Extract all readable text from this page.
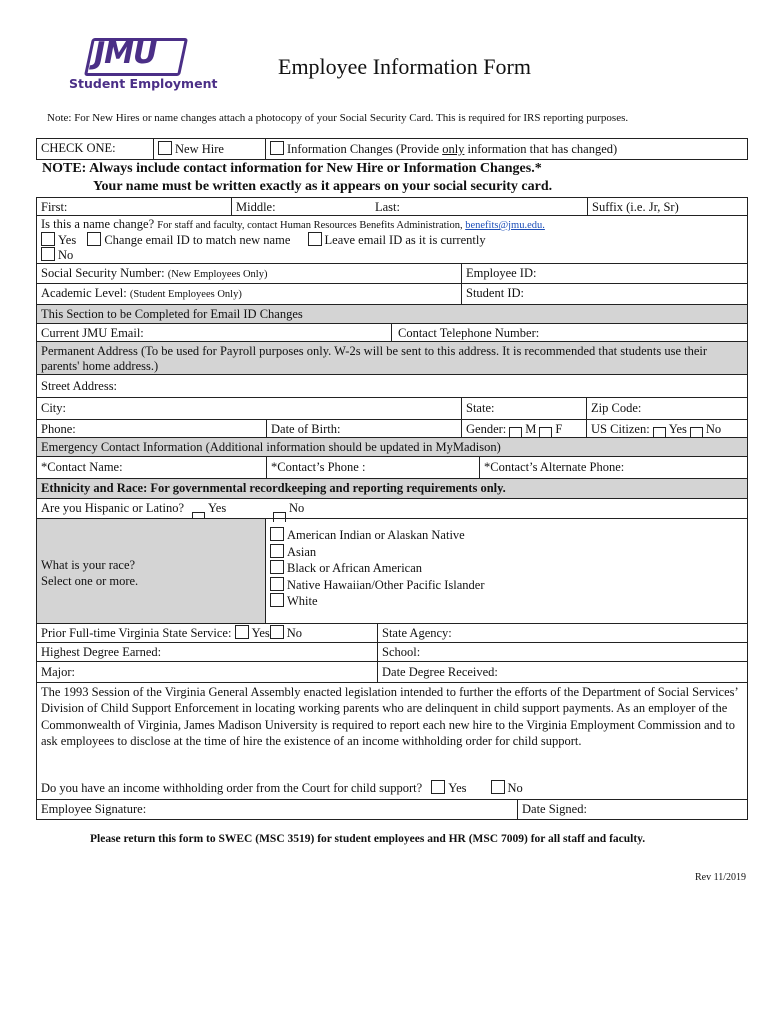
JMU
Student Employment
Employee Information Form
Note: For New Hires or name changes attach a photocopy of your Social Security Card. This is required for IRS reporting purposes.
CHECK ONE:	New Hire	Information Changes (Provide only information that has changed)
NOTE: Always include contact information for New Hire or Information Changes.*
Your name must be written exactly as it appears on your social security card.
First:	Middle:	Last:	Suffix (i.e. Jr, Sr)
Is this a name change? For staff and faculty, contact Human Resources Benefits Administration, benefits@jmu.edu.
Yes Change email ID to match new name	Leave email ID as it is currently
No
Social Security Number: (New Employees Only)	Employee ID:
Academic Level: (Student Employees Only)	Student ID:
This Section to be Completed for Email ID Changes
Current JMU Email:	Contact Telephone Number:
Permanent Address (To be used for Payroll purposes only. W-2s will be sent to this address. It is recommended that students use their parents' home address.)
Street Address:
City:	State:	Zip Code:
Phone:	Date of Birth:	Gender: M F	US Citizen: Yes No
Emergency Contact Information (Additional information should be updated in MyMadison)
*Contact Name:	*Contact’s Phone :	*Contact’s Alternate Phone:
Ethnicity and Race: For governmental recordkeeping and reporting requirements only.
Are you Hispanic or Latino? Yes	No
What is your race?
Select one or more.
American Indian or Alaskan Native
Asian
Black or African American
Native Hawaiian/Other Pacific Islander
White
Prior Full-time Virginia State Service: Yes No	State Agency:
Highest Degree Earned:	School:
Major:	Date Degree Received:
The 1993 Session of the Virginia General Assembly enacted legislation intended to further the efforts of the Department of Social Services’ Division of Child Support Enforcement in locating working parents who are delinquent in child support payments. As an employer of the Commonwealth of Virginia, James Madison University is required to report each new hire to the Virginia Employment Commission and to ask employees to disclose at the time of hire the existence of an income withholding order for child support.
Do you have an income withholding order from the Court for child support? Yes	No
Employee Signature:	Date Signed:
Please return this form to SWEC (MSC 3519) for student employees and HR (MSC 7009) for all staff and faculty.
Rev 11/2019
